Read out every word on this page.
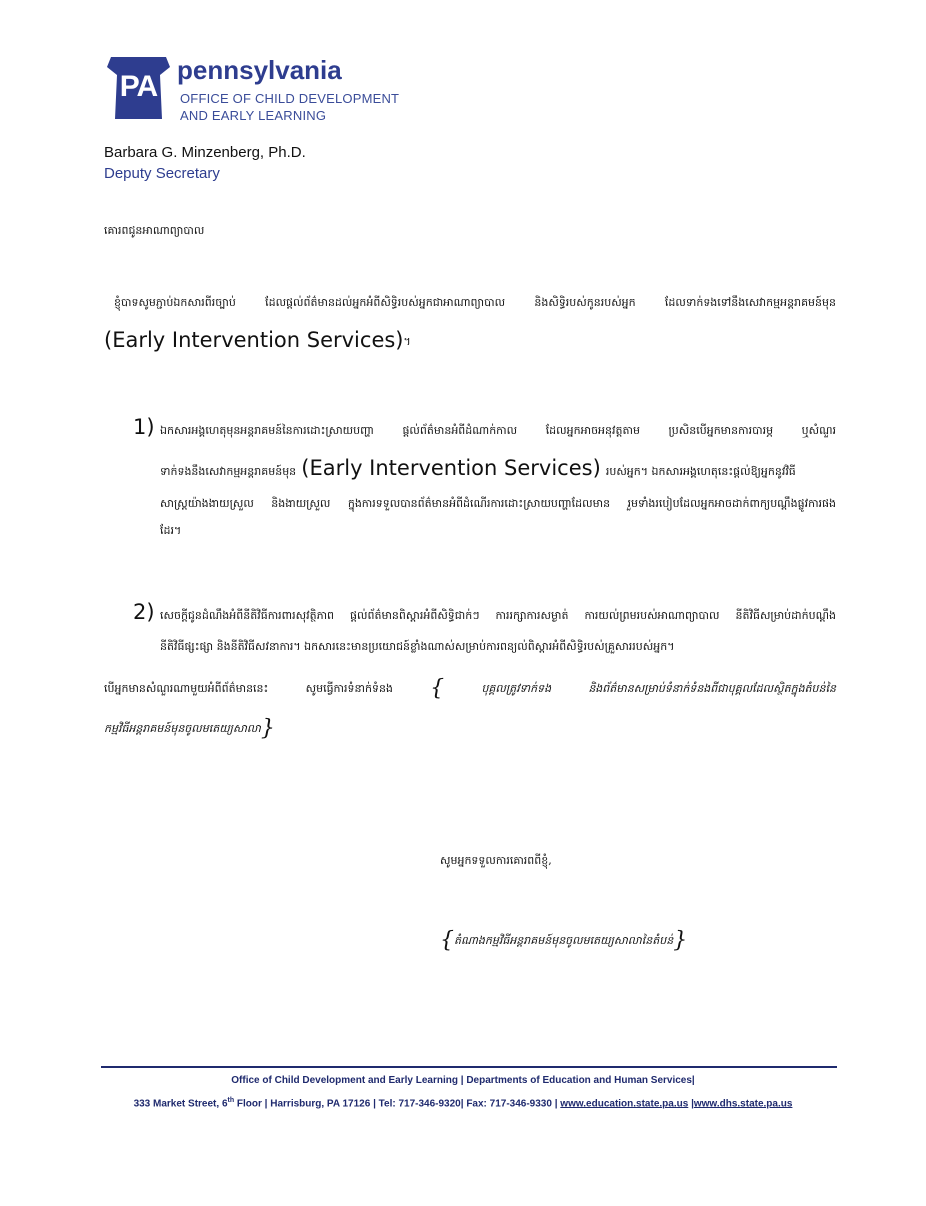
PA pennsylvania
OFFICE OF CHILD DEVELOPMENT
AND EARLY LEARNING
Barbara G. Minzenberg, Ph.D.
Deputy Secretary
គោរពជូនអាណាព្យាបាល
ខ្ញុំបាទសូមភ្ជាប់ឯកសារពីរច្បាប់ ដែលផ្តល់ព័ត៌មានដល់អ្នកអំពីសិទ្ធិរបស់អ្នកជាអាណាព្យាបាល និងសិទ្ធិរបស់កូនរបស់អ្នក ដែលទាក់ទងទៅនឹងសេវាកម្មអន្តរាគមន៍មុន
(Early Intervention Services)។
1) ឯកសារអង្គហេតុមុនអន្តរាគមន៍នៃការដោះស្រាយបញ្ហា ផ្តល់ព័ត៌មានអំពីដំណាក់កាល ដែលអ្នកអាចអនុវត្តតាម ប្រសិនបើអ្នកមានការបារម្ភ ឬសំណួរ
ទាក់ទងនឹងសេវាកម្មអន្តរាគមន៍មុន (Early Intervention Services) របស់អ្នក។ ឯកសារអង្គហេតុនេះផ្តល់ឱ្យអ្នកនូវវិធី
សាស្រ្តយ៉ាងងាយស្រួល និងងាយស្រួល ក្នុងការទទួលបានព័ត៌មានអំពីដំណើរការដោះស្រាយបញ្ហាដែលមាន រួមទាំងរបៀបដែលអ្នកអាចដាក់ពាក្យបណ្តឹងផ្លូវការផង
ដែរ។
2) សេចក្តីជូនដំណឹងអំពីនីតិវិធីការពារសុវត្ថិភាព ផ្តល់ព័ត៌មានពិស្តារអំពីសិទ្ធិជាក់ៗ ការរក្សាការសម្ងាត់ ការយល់ព្រមរបស់អាណាព្យាបាល នីតិវិធីសម្រាប់ដាក់បណ្តឹង
នីតិវិធីផ្សះផ្សា និងនីតិវិធីសវនាការ។ ឯកសារនេះមានប្រយោជន៍ខ្លាំងណាស់សម្រាប់ការពន្យល់ពិស្តារអំពីសិទ្ធិរបស់គ្រួសាររបស់អ្នក។
បើអ្នកមានសំណួរណាមួយអំពីព័ត៌មាននេះ	សូមធ្វើការទំនាក់ទំនង {	បុគ្គលត្រូវទាក់ទង	និងព័ត៌មានសម្រាប់ទំនាក់ទំនងពីជាបុគ្គលដែលស្ថិតក្នុងតំបន់នៃ
កម្មវិធីអន្តរាគមន៍មុនចូលមតេយ្យសាលា }
សូមអ្នកទទួលការគោរពពីខ្ញុំ,
{ តំណាងកម្មវិធីអន្តរាគមន៍មុនចូលមតេយ្យសាលានៃតំបន់ }
Office of Child Development and Early Learning | Departments of Education and Human Services|
333 Market Street, 6th Floor | Harrisburg, PA 17126 | Tel: 717-346-9320| Fax: 717-346-9330 | www.education.state.pa.us |www.dhs.state.pa.us
